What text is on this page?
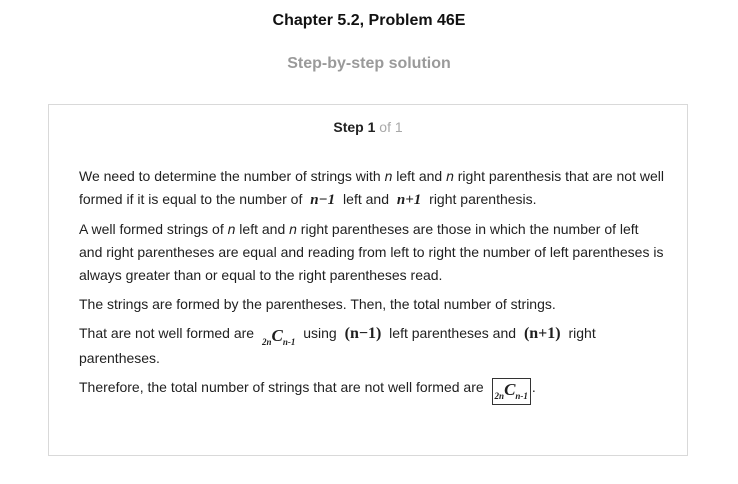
Chapter 5.2, Problem 46E
Step-by-step solution
Step 1 of 1

We need to determine the number of strings with n left and n right parenthesis that are not well formed if it is equal to the number of n−1 left and n+1 right parenthesis.

A well formed strings of n left and n right parentheses are those in which the number of left and right parentheses are equal and reading from left to right the number of left parentheses is always greater than or equal to the right parentheses read.

The strings are formed by the parentheses. Then, the total number of strings.

That are not well formed are $_{2n}C_{n-1}$ using (n−1) left parentheses and (n+1) right parentheses.

Therefore, the total number of strings that are not well formed are $_{2n}C_{n-1}$.
